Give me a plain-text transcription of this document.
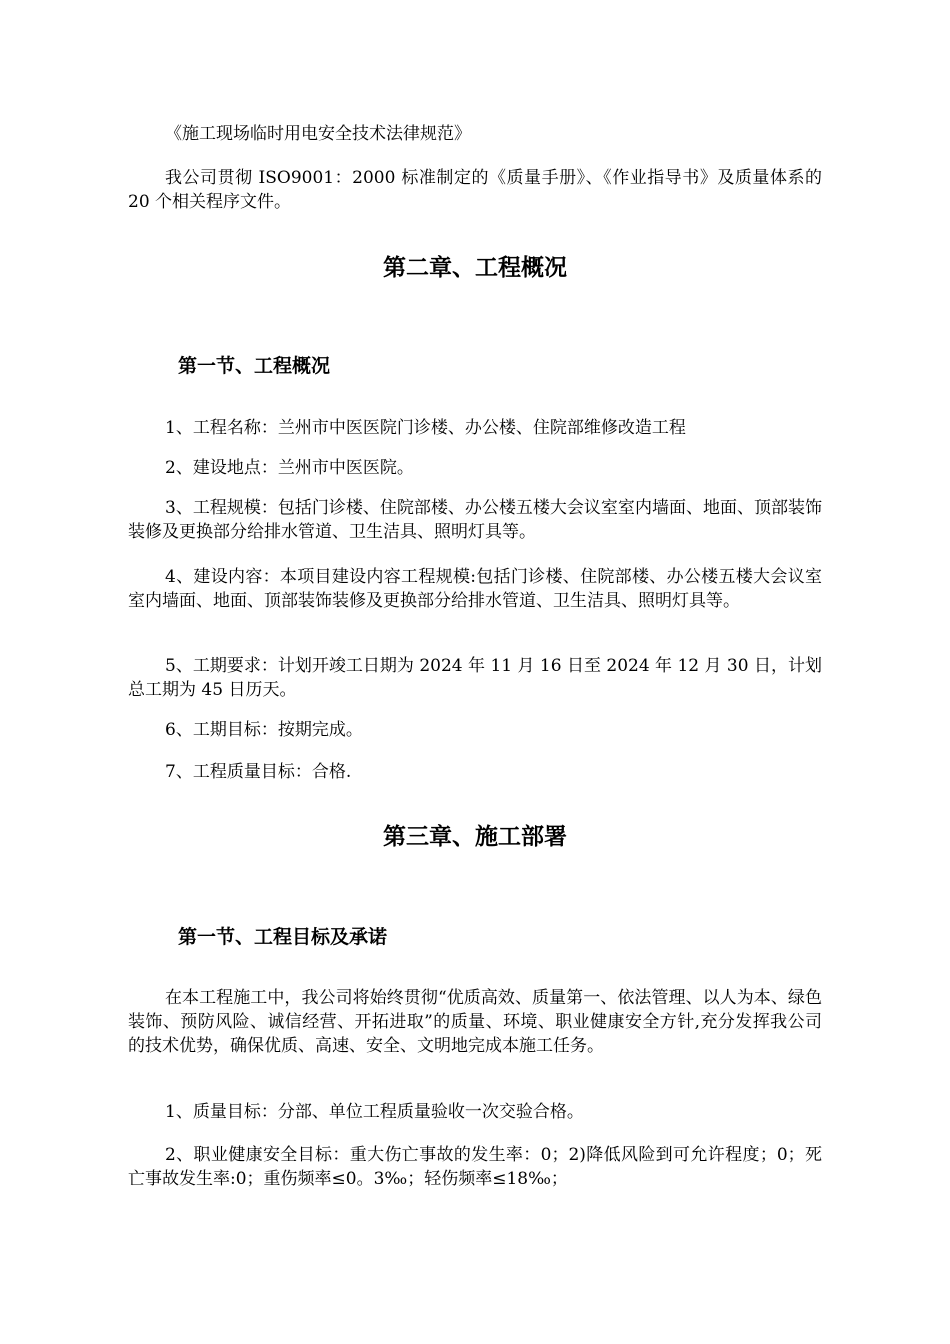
《施工现场临时用电安全技术法律规范》

我公司贯彻 ISO9001：2000 标准制定的《质量手册》、《作业指导书》及质量体系的 20 个相关程序文件。

第二章、工程概况
第一节、工程概况

1、工程名称：兰州市中医医院门诊楼、办公楼、住院部维修改造工程

2、建设地点：兰州市中医医院。

3、工程规模：包括门诊楼、住院部楼、办公楼五楼大会议室室内墙面、地面、顶部装饰装修及更换部分给排水管道、卫生洁具、照明灯具等。

4、建设内容：本项目建设内容工程规模:包括门诊楼、住院部楼、办公楼五楼大会议室室内墙面、地面、顶部装饰装修及更换部分给排水管道、卫生洁具、照明灯具等。

5、工期要求：计划开竣工日期为 2024 年 11 月 16 日至 2024 年 12 月 30 日，计划总工期为 45 日历天。

6、工期目标：按期完成。

7、工程质量目标：合格.

第三章、施工部署
第一节、工程目标及承诺

在本工程施工中，我公司将始终贯彻“优质高效、质量第一、依法管理、以人为本、绿色装饰、预防风险、诚信经营、开拓进取”的质量、环境、职业健康安全方针,充分发挥我公司的技术优势，确保优质、高速、安全、文明地完成本施工任务。

1、质量目标：分部、单位工程质量验收一次交验合格。

2、职业健康安全目标：重大伤亡事故的发生率：0；2)降低风险到可允许程度；0；死亡事故发生率:0；重伤频率≤0。3‰；轻伤频率≤18‰；
